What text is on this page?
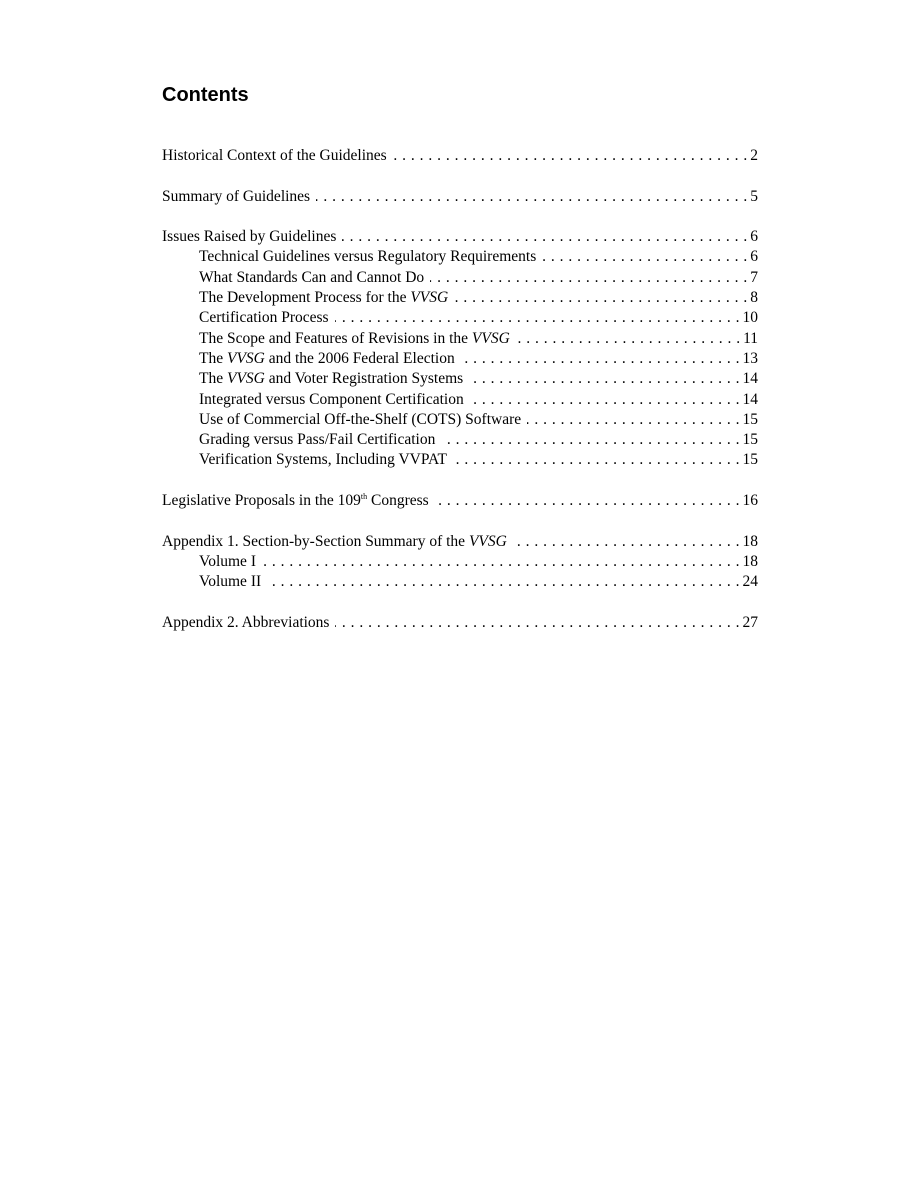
Contents
Historical Context of the Guidelines . . .	2
Summary of Guidelines . . .	5
Issues Raised by Guidelines . . .	6
Technical Guidelines versus Regulatory Requirements . . .	6
What Standards Can and Cannot Do . . .	7
The Development Process for the VVSG . . .	8
Certification Process . . .	10
The Scope and Features of Revisions in the VVSG . . .	11
The VVSG and the 2006 Federal Election . . .	13
The VVSG and Voter Registration Systems . . .	14
Integrated versus Component Certification . . .	14
Use of Commercial Off-the-Shelf (COTS) Software . . .	15
Grading versus Pass/Fail Certification . . .	15
Verification Systems, Including VVPAT . . .	15
Legislative Proposals in the 109th Congress . . .	16
Appendix 1. Section-by-Section Summary of the VVSG . . .	18
Volume I . . .	18
Volume II . . .	24
Appendix 2. Abbreviations . . .	27
